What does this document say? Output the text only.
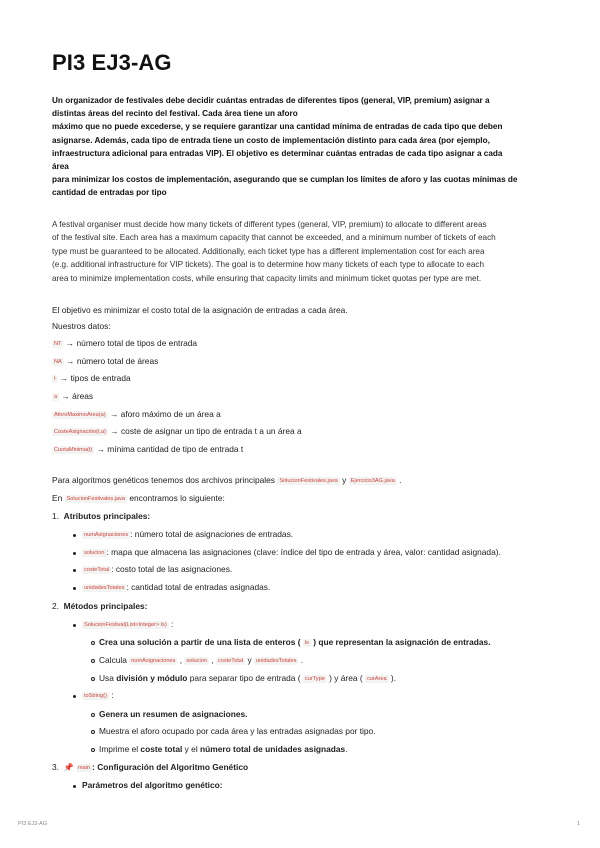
PI3 EJ3-AG
Un organizador de festivales debe decidir cuántas entradas de diferentes tipos (general, VIP, premium) asignar a
distintas áreas del recinto del festival. Cada área tiene un aforo
máximo que no puede excederse, y se requiere garantizar una cantidad mínima de entradas de cada tipo que deben
asignarse. Además, cada tipo de entrada tiene un costo de implementación distinto para cada área (por ejemplo,
infraestructura adicional para entradas VIP). El objetivo es determinar cuántas entradas de cada tipo asignar a cada
área
para minimizar los costos de implementación, asegurando que se cumplan los límites de aforo y las cuotas mínimas de
cantidad de entradas por tipo
A festival organiser must decide how many tickets of different types (general, VIP, premium) to allocate to different areas
of the festival site. Each area has a maximum capacity that cannot be exceeded, and a minimum number of tickets of each
type must be guaranteed to be allocated. Additionally, each ticket type has a different implementation cost for each area
(e.g. additional infrastructure for VIP tickets). The goal is to determine how many tickets of each type to allocate to each
area to minimize implementation costs, while ensuring that capacity limits and minimum ticket quotas per type are met.
El objetivo es minimizar el costo total de la asignación de entradas a cada área.
Nuestros datos:
NT → número total de tipos de entrada
NA → número total de áreas
t → tipos de entrada
a → áreas
AforoMaximoArea(a) → aforo máximo de un área a
CosteAsignación(t,a) → coste de asignar un tipo de entrada t a un área a
CuotaMinima(t) → mínima cantidad de tipo de entrada t
Para algoritmos genéticos tenemos dos archivos principales SolucionFestivales.java y Ejercicio3AG.java .
En SolucionFestivales.java encontramos lo siguiente:
1. Atributos principales:
numAsignaciones : número total de asignaciones de entradas.
solucion : mapa que almacena las asignaciones (clave: índice del tipo de entrada y área, valor: cantidad asignada).
costeTotal : costo total de las asignaciones.
unidadesTotales : cantidad total de entradas asignadas.
2. Métodos principales:
SolucionFestival(List<Integer> ls) :
Crea una solución a partir de una lista de enteros ( ls ) que representan la asignación de entradas.
Calcula numAsignaciones , solucion , costeTotal y unidadesTotales .
Usa división y módulo para separar tipo de entrada ( curType ) y área ( curArea ).
toString() :
Genera un resumen de asignaciones.
Muestra el aforo ocupado por cada área y las entradas asignadas por tipo.
Imprime el coste total y el número total de unidades asignadas.
3. 📌 main : Configuración del Algoritmo Genético
Parámetros del algoritmo genético:
PI3 EJ3-AG	1
